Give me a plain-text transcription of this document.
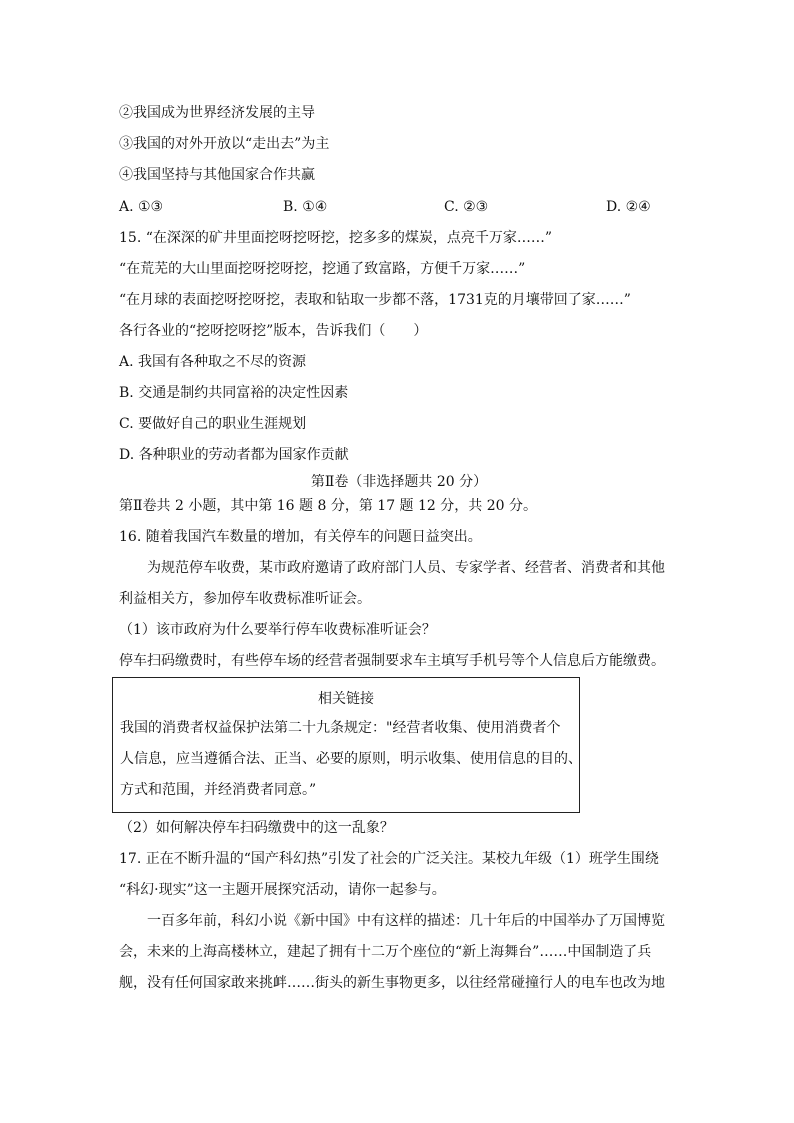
②我国成为世界经济发展的主导
③我国的对外开放以“走出去”为主
④我国坚持与其他国家合作共赢
A. ①③	B. ①④	C. ②③	D. ②④
15. “在深深的矿井里面挖呀挖呀挖，挖多多的煤炭，点亮千万家……”
“在荒芜的大山里面挖呀挖呀挖，挖通了致富路，方便千万家……”
“在月球的表面挖呀挖呀挖，表取和钻取一步都不落，1731克的月壤带回了家……”
各行各业的“挖呀挖呀挖”版本，告诉我们（　　）
A. 我国有各种取之不尽的资源
B. 交通是制约共同富裕的决定性因素
C. 要做好自己的职业生涯规划
D. 各种职业的劳动者都为国家作贡献
第Ⅱ卷（非选择题共 20 分）
第Ⅱ卷共 2 小题，其中第 16 题 8 分，第 17 题 12 分，共 20 分。
16. 随着我国汽车数量的增加，有关停车的问题日益突出。
为规范停车收费，某市政府邀请了政府部门人员、专家学者、经营者、消费者和其他
利益相关方，参加停车收费标准听证会。
（1）该市政府为什么要举行停车收费标准听证会？
停车扫码缴费时，有些停车场的经营者强制要求车主填写手机号等个人信息后方能缴费。
相关链接
我国的消费者权益保护法第二十九条规定："经营者收集、使用消费者个
人信息，应当遵循合法、正当、必要的原则，明示收集、使用信息的目的、
方式和范围，并经消费者同意。”
（2）如何解决停车扫码缴费中的这一乱象？
17. 正在不断升温的“国产科幻热”引发了社会的广泛关注。某校九年级（1）班学生围绕
“科幻·现实”这一主题开展探究活动，请你一起参与。
一百多年前，科幻小说《新中国》中有这样的描述：几十年后的中国举办了万国博览
会，未来的上海高楼林立，建起了拥有十二万个座位的“新上海舞台”……中国制造了兵
舰，没有任何国家敢来挑衅……街头的新生事物更多，以往经常碰撞行人的电车也改为地
